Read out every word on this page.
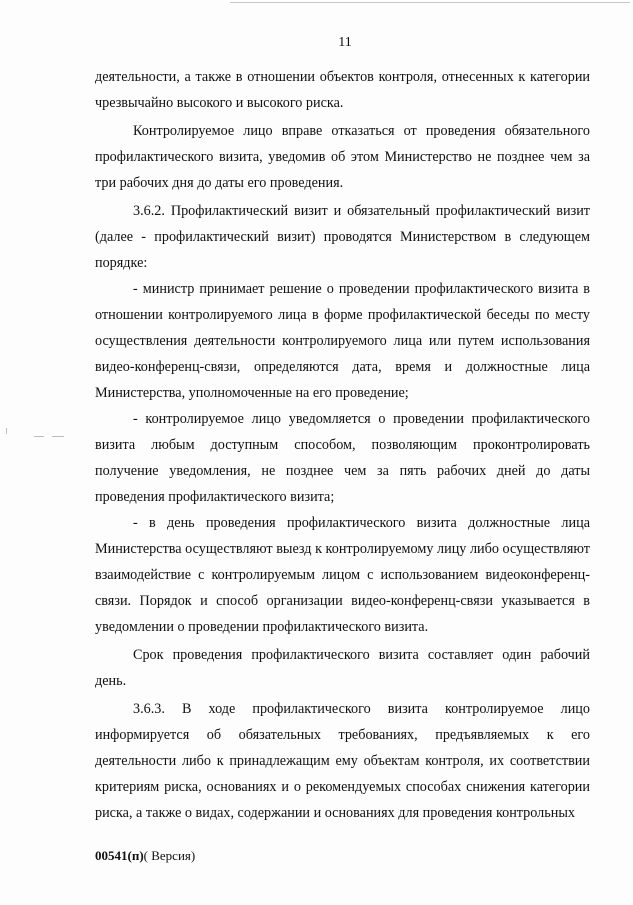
11

деятельности, а также в отношении объектов контроля, отнесенных к категории чрезвычайно высокого и высокого риска.

Контролируемое лицо вправе отказаться от проведения обязательного профилактического визита, уведомив об этом Министерство не позднее чем за три рабочих дня до даты его проведения.

3.6.2. Профилактический визит и обязательный профилактический визит (далее - профилактический визит) проводятся Министерством в следующем порядке:

- министр принимает решение о проведении профилактического визита в отношении контролируемого лица в форме профилактической беседы по месту осуществления деятельности контролируемого лица или путем использования видео-конференц-связи, определяются дата, время и должностные лица Министерства, уполномоченные на его проведение;

- контролируемое лицо уведомляется о проведении профилактического визита любым доступным способом, позволяющим проконтролировать получение уведомления, не позднее чем за пять рабочих дней до даты проведения профилактического визита;

- в день проведения профилактического визита должностные лица Министерства осуществляют выезд к контролируемому лицу либо осуществляют взаимодействие с контролируемым лицом с использованием видеоконференц-связи. Порядок и способ организации видео-конференц-связи указывается в уведомлении о проведении профилактического визита.

Срок проведения профилактического визита составляет один рабочий день.

3.6.3. В ходе профилактического визита контролируемое лицо информируется об обязательных требованиях, предъявляемых к его деятельности либо к принадлежащим ему объектам контроля, их соответствии критериям риска, основаниях и о рекомендуемых способах снижения категории риска, а также о видах, содержании и основаниях для проведения контрольных

00541(п)( Версия)
